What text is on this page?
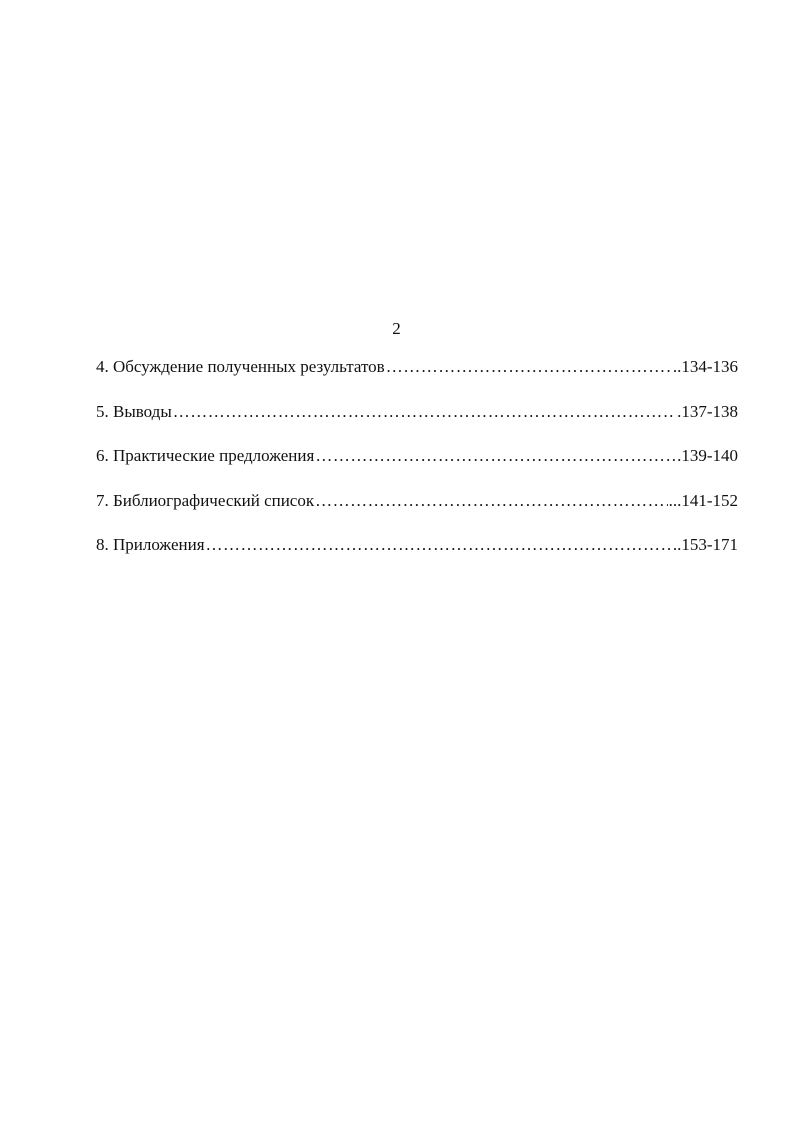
2
4. Обсуждение полученных результатов ………………………………………………………………………………………………………………………………………………………………	..134-136
5. Выводы ………………………………………………………………………………………………………………………………………………………………	.137-138
6. Практические предложения ………………………………………………………………………………………………………………………………………………………………	.139-140
7. Библиографический список ………………………………………………………………………………………………………………………………………………………………	...141-152
8. Приложения ………………………………………………………………………………………………………………………………………………………………	..153-171
